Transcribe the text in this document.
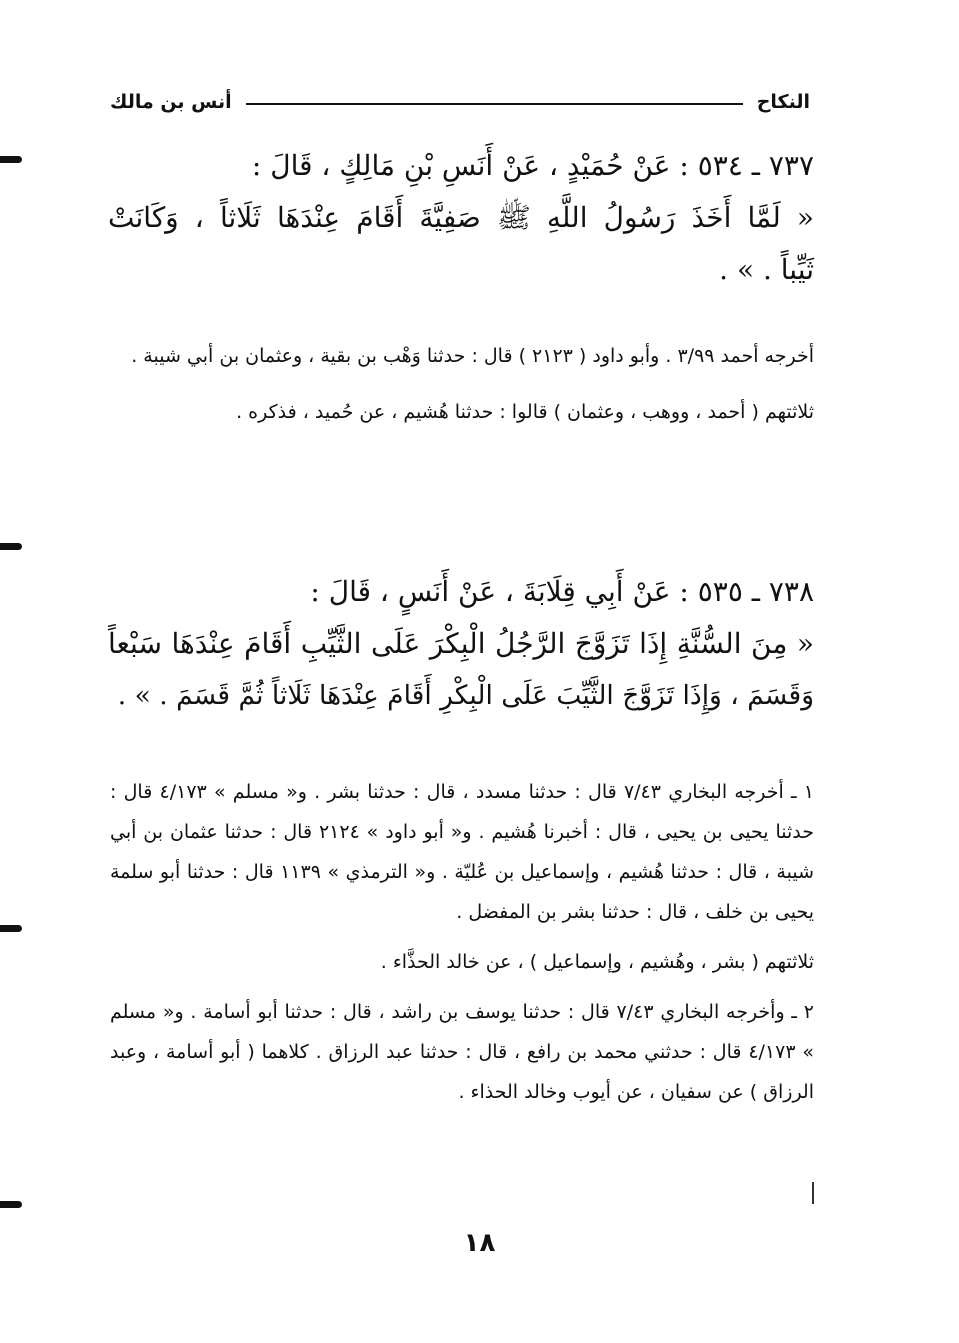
النكاح
أنس بن مالك
٧٣٧ ـ ٥٣٤ : عَنْ حُمَيْدٍ ، عَنْ أَنَسِ بْنِ مَالِكٍ ، قَالَ :
« لَمَّا أَخَذَ رَسُولُ اللَّهِ ﷺ صَفِيَّةَ أَقَامَ عِنْدَهَا ثَلَاثاً ، وَكَانَتْ
ثَيِّباً . » .

أخرجه أحمد ٣/٩٩ . وأبو داود ( ٢١٢٣ ) قال : حدثنا وَهْب بن بقية ، وعثمان بن أبي شيبة .

ثلاثتهم ( أحمد ، ووهب ، وعثمان ) قالوا : حدثنا هُشيم ، عن حُميد ، فذكره .

٧٣٨ ـ ٥٣٥ : عَنْ أَبِي قِلَابَةَ ، عَنْ أَنَسٍ ، قَالَ :
« مِنَ السُّنَّةِ إِذَا تَزَوَّجَ الرَّجُلُ الْبِكْرَ عَلَى الثَّيِّبِ أَقَامَ عِنْدَهَا سَبْعاً
وَقَسَمَ ، وَإِذَا تَزَوَّجَ الثَّيِّبَ عَلَى الْبِكْرِ أَقَامَ عِنْدَهَا ثَلَاثاً ثُمَّ قَسَمَ . » .

١ ـ أخرجه البخاري ٧/٤٣ قال : حدثنا مسدد ، قال : حدثنا بشر . و« مسلم » ٤/١٧٣ قال : حدثنا يحيى بن يحيى ، قال : أخبرنا هُشيم . و« أبو داود » ٢١٢٤ قال : حدثنا عثمان بن أبي شيبة ، قال : حدثنا هُشيم ، وإسماعيل بن عُليّة . و« الترمذي » ١١٣٩ قال : حدثنا أبو سلمة يحيى بن خلف ، قال : حدثنا بشر بن المفضل .

ثلاثتهم ( بشر ، وهُشيم ، وإسماعيل ) ، عن خالد الحذَّاء .

٢ ـ وأخرجه البخاري ٧/٤٣ قال : حدثنا يوسف بن راشد ، قال : حدثنا أبو أسامة . و« مسلم » ٤/١٧٣ قال : حدثني محمد بن رافع ، قال : حدثنا عبد الرزاق . كلاهما ( أبو أسامة ، وعبد الرزاق ) عن سفيان ، عن أيوب وخالد الحذاء .

١٨
